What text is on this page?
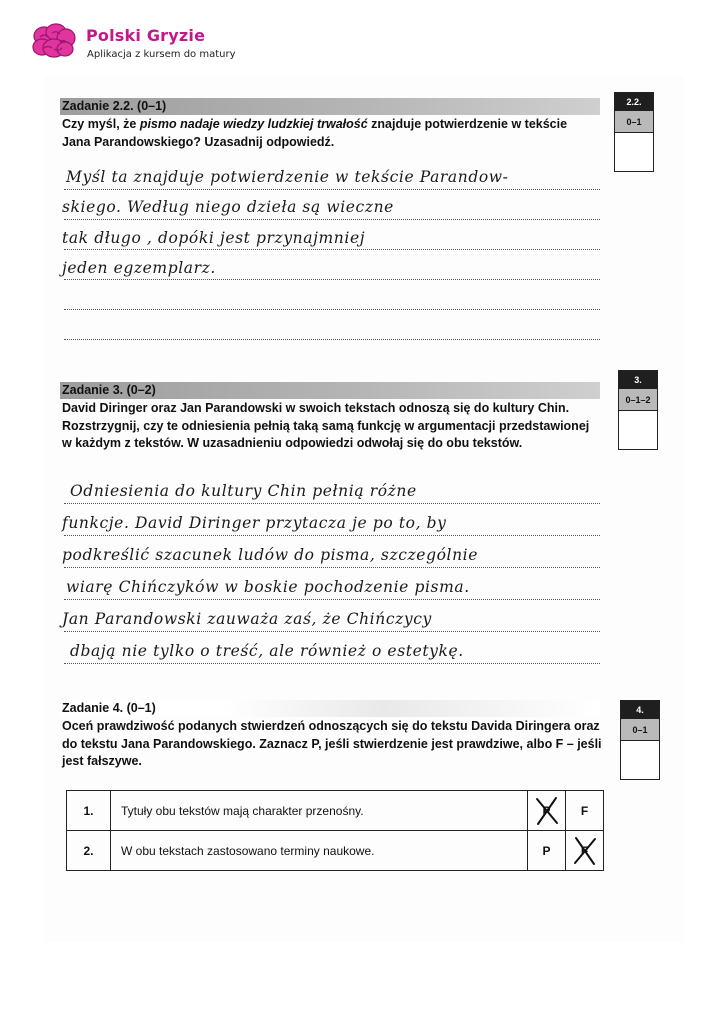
Polski Gryzie
Aplikacja z kursem do matury
Zadanie 2.2. (0–1)
Czy myśl, że pismo nadaje wiedzy ludzkiej trwałość znajduje potwierdzenie w tekście Jana Parandowskiego? Uzasadnij odpowiedź.
2.2.
0–1
Myśl ta znajduje potwierdzenie w tekście Parandow-
skiego. Według niego dzieła są wieczne
tak długo , dopóki jest przynajmniej
jeden egzemplarz.
Zadanie 3. (0–2)
David Diringer oraz Jan Parandowski w swoich tekstach odnoszą się do kultury Chin. Rozstrzygnij, czy te odniesienia pełnią taką samą funkcję w argumentacji przedstawionej w każdym z tekstów. W uzasadnieniu odpowiedzi odwołaj się do obu tekstów.
3.
0–1–2
Odniesienia do kultury Chin pełnią różne
funkcje. David Diringer przytacza je po to, by
podkreślić szacunek ludów do pisma, szczególnie
wiarę Chińczyków w boskie pochodzenie pisma.
Jan Parandowski zauważa zaś, że Chińczycy
dbają nie tylko o treść, ale również o estetykę.
Zadanie 4. (0–1)
Oceń prawdziwość podanych stwierdzeń odnoszących się do tekstu Davida Diringera oraz do tekstu Jana Parandowskiego. Zaznacz P, jeśli stwierdzenie jest prawdziwe, albo F – jeśli jest fałszywe.
4.
0–1
1.	Tytuły obu tekstów mają charakter przenośny.	P	F
2.	W obu tekstach zastosowano terminy naukowe.	P	F
